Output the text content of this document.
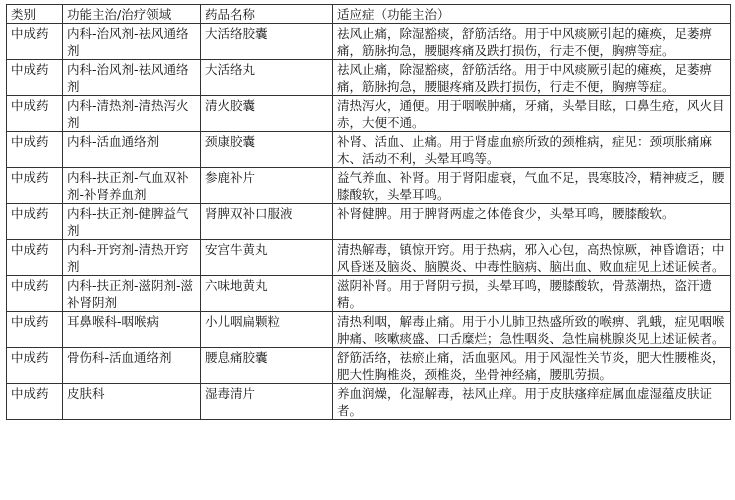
类别	功能主治/治疗领域	药品名称	适应症（功能主治）
中成药	内科-治风剂-祛风通络剂	大活络胶囊	祛风止痛，除湿豁痰，舒筋活络。用于中风痰厥引起的瘫痪，足萎痹痛，筋脉拘急，腰腿疼痛及跌打损伤，行走不便，胸痹等症。
中成药	内科-治风剂-祛风通络剂	大活络丸	祛风止痛，除湿豁痰，舒筋活络。用于中风痰厥引起的瘫痪，足萎痹痛，筋脉拘急，腰腿疼痛及跌打损伤，行走不便，胸痹等症。
中成药	内科-清热剂-清热泻火剂	清火胶囊	清热泻火，通便。用于咽喉肿痛，牙痛，头晕目眩，口鼻生疮，风火目赤，大便不通。
中成药	内科-活血通络剂	颈康胶囊	补肾、活血、止痛。用于肾虚血瘀所致的颈椎病，症见：颈项胀痛麻木、活动不利，头晕耳鸣等。
中成药	内科-扶正剂-气血双补剂-补肾养血剂	参鹿补片	益气养血、补肾。用于肾阳虚衰，气血不足，畏寒肢冷，精神疲乏，腰膝酸软，头晕耳鸣。
中成药	内科-扶正剂-健脾益气剂	肾脾双补口服液	补肾健脾。用于脾肾两虚之体倦食少，头晕耳鸣，腰膝酸软。
中成药	内科-开窍剂-清热开窍剂	安宫牛黄丸	清热解毒，镇惊开窍。用于热病，邪入心包，高热惊厥，神昏谵语；中风昏迷及脑炎、脑膜炎、中毒性脑病、脑出血、败血症见上述证候者。
中成药	内科-扶正剂-滋阴剂-滋补肾阴剂	六味地黄丸	滋阴补肾。用于肾阴亏损，头晕耳鸣，腰膝酸软，骨蒸潮热，盗汗遗精。
中成药	耳鼻喉科-咽喉病	小儿咽扁颗粒	清热利咽，解毒止痛。用于小儿肺卫热盛所致的喉痹、乳蛾，症见咽喉肿痛、咳嗽痰盛、口舌糜烂；急性咽炎、急性扁桃腺炎见上述证候者。
中成药	骨伤科-活血通络剂	腰息痛胶囊	舒筋活络，祛瘀止痛，活血驱风。用于风湿性关节炎，肥大性腰椎炎，肥大性胸椎炎，颈椎炎，坐骨神经痛，腰肌劳损。
中成药	皮肤科	湿毒清片	养血润燥，化湿解毒，祛风止痒。用于皮肤瘙痒症属血虚湿蕴皮肤证者。
